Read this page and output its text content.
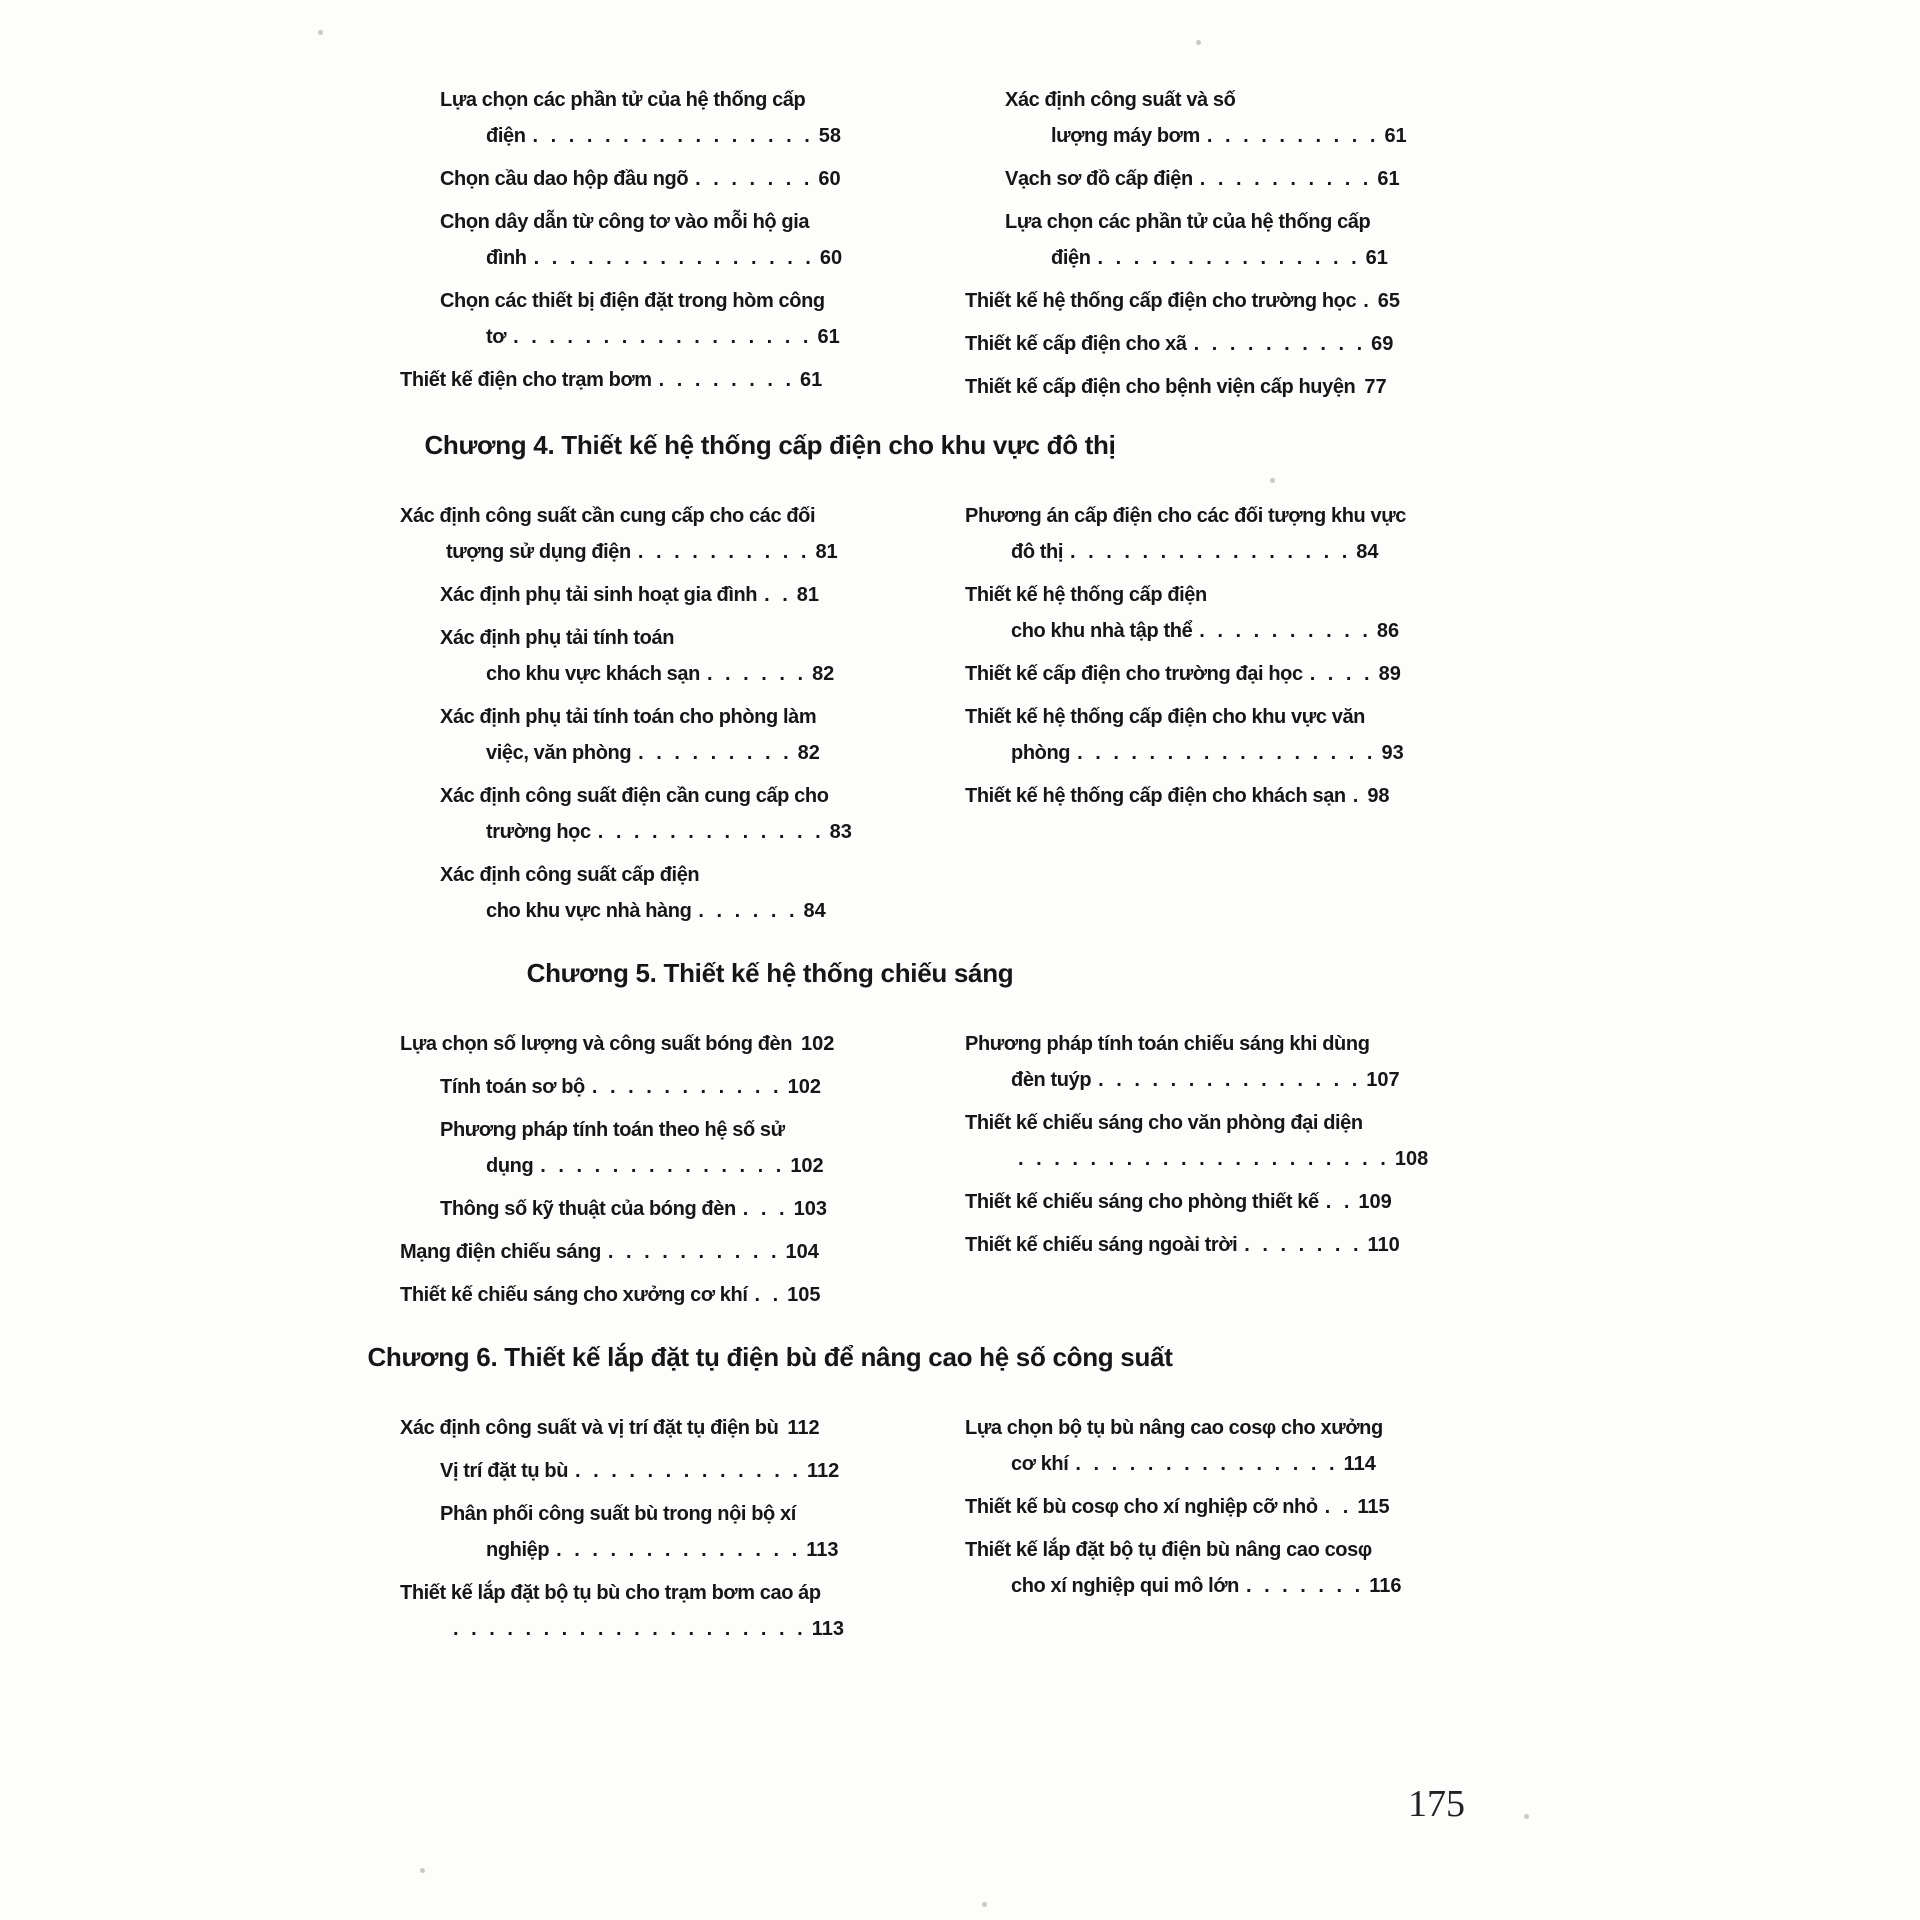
Lựa chọn các phần tử của hệ thống cấp
điện . . . . . . . . . . . . . . . . 58
Chọn cầu dao hộp đầu ngõ . . . . . . . 60
Chọn dây dẫn từ công tơ vào mỗi hộ gia
đình . . . . . . . . . . . . . . . . 60
Chọn các thiết bị điện đặt trong hòm công
tơ . . . . . . . . . . . . . . . . . 61
Thiết kế điện cho trạm bơm . . . . . . . . 61
Xác định công suất và số
lượng máy bơm . . . . . . . . . . 61
Vạch sơ đồ cấp điện . . . . . . . . . . 61
Lựa chọn các phần tử của hệ thống cấp
điện . . . . . . . . . . . . . . . 61
Thiết kế hệ thống cấp điện cho trường học . 65
Thiết kế cấp điện cho xã . . . . . . . . . . 69
Thiết kế cấp điện cho bệnh viện cấp huyện 77
Chương 4. Thiết kế hệ thống cấp điện cho khu vực đô thị
Xác định công suất cần cung cấp cho các đối
tượng sử dụng điện . . . . . . . . . . 81
Xác định phụ tải sinh hoạt gia đình . . 81
Xác định phụ tải tính toán
cho khu vực khách sạn . . . . . . 82
Xác định phụ tải tính toán cho phòng làm
việc, văn phòng . . . . . . . . . 82
Xác định công suất điện cần cung cấp cho
trường học . . . . . . . . . . . . . 83
Xác định công suất cấp điện
cho khu vực nhà hàng . . . . . . 84
Phương án cấp điện cho các đối tượng khu vực
đô thị . . . . . . . . . . . . . . . . 84
Thiết kế hệ thống cấp điện
cho khu nhà tập thể . . . . . . . . . . 86
Thiết kế cấp điện cho trường đại học . . . . 89
Thiết kế hệ thống cấp điện cho khu vực văn
phòng . . . . . . . . . . . . . . . . . 93
Thiết kế hệ thống cấp điện cho khách sạn . 98
Chương 5. Thiết kế hệ thống chiếu sáng
Lựa chọn số lượng và công suất bóng đèn 102
Tính toán sơ bộ . . . . . . . . . . . 102
Phương pháp tính toán theo hệ số sử
dụng . . . . . . . . . . . . . . 102
Thông số kỹ thuật của bóng đèn . . . 103
Mạng điện chiếu sáng . . . . . . . . . . 104
Thiết kế chiếu sáng cho xưởng cơ khí . . 105
Phương pháp tính toán chiếu sáng khi dùng
đèn tuýp . . . . . . . . . . . . . . . 107
Thiết kế chiếu sáng cho văn phòng đại diện
. . . . . . . . . . . . . . . . . . . . . 108
Thiết kế chiếu sáng cho phòng thiết kế . . 109
Thiết kế chiếu sáng ngoài trời . . . . . . . 110
Chương 6. Thiết kế lắp đặt tụ điện bù để nâng cao hệ số công suất
Xác định công suất và vị trí đặt tụ điện bù 112
Vị trí đặt tụ bù . . . . . . . . . . . . . 112
Phân phối công suất bù trong nội bộ xí
nghiệp . . . . . . . . . . . . . . 113
Thiết kế lắp đặt bộ tụ bù cho trạm bơm cao áp
. . . . . . . . . . . . . . . . . . . . 113
Lựa chọn bộ tụ bù nâng cao cosφ cho xưởng
cơ khí . . . . . . . . . . . . . . . 114
Thiết kế bù cosφ cho xí nghiệp cỡ nhỏ . . 115
Thiết kế lắp đặt bộ tụ điện bù nâng cao cosφ
cho xí nghiệp qui mô lớn . . . . . . . 116
175
